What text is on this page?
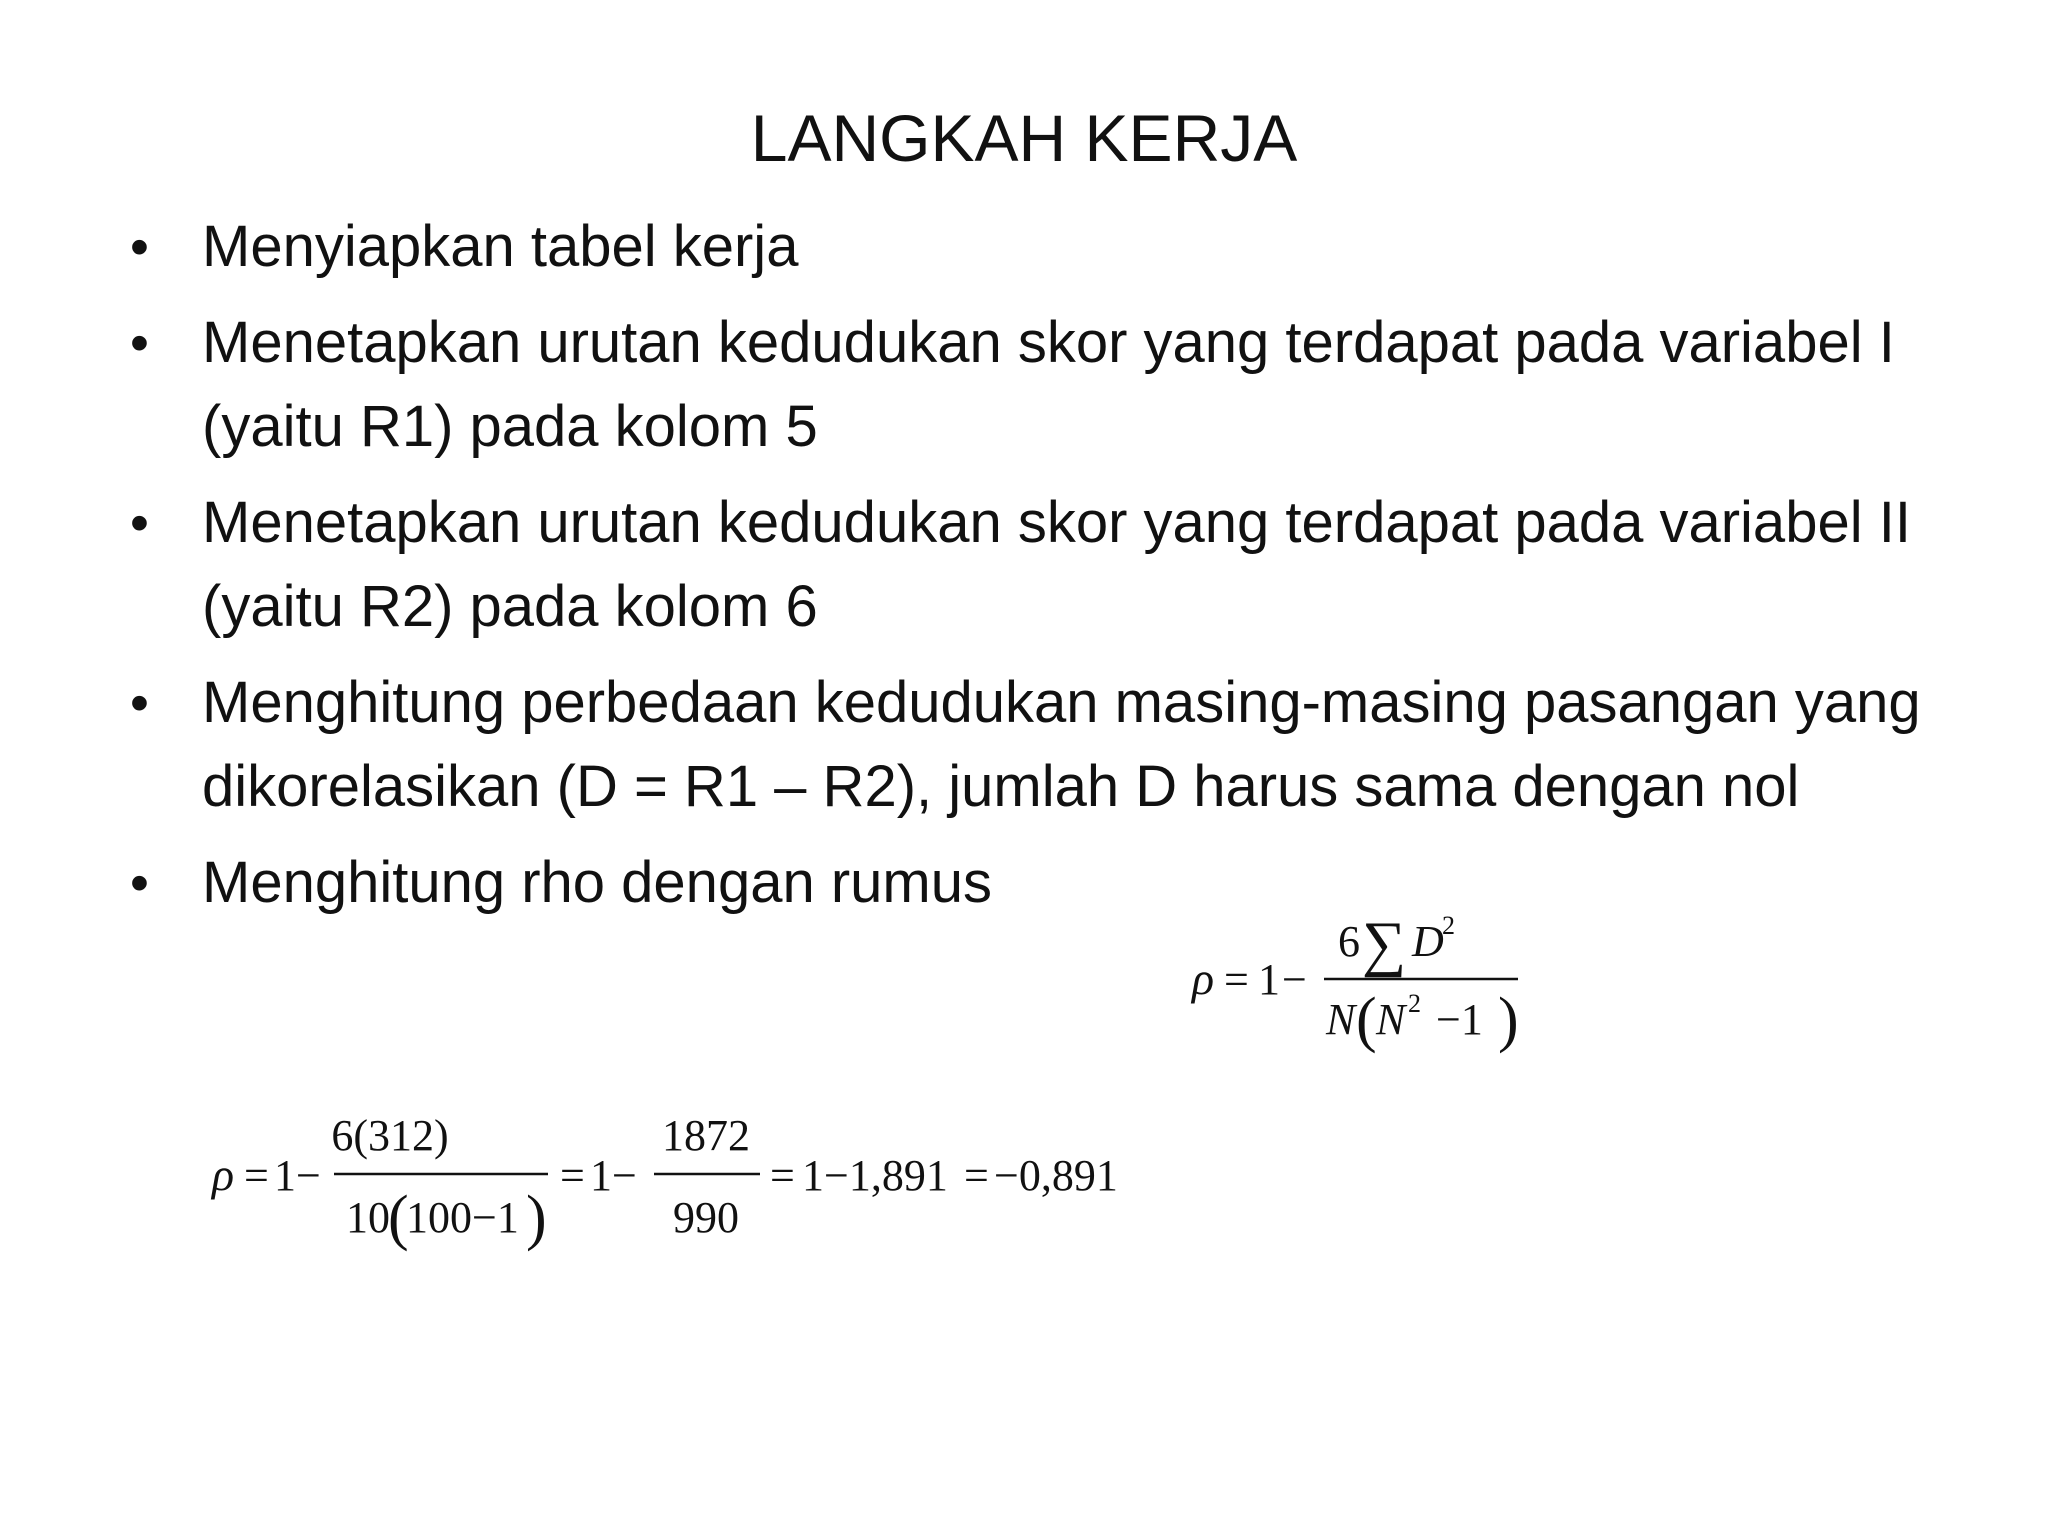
LANGKAH KERJA
• Menyiapkan tabel kerja
• Menetapkan urutan kedudukan skor yang terdapat pada variabel I (yaitu R1) pada kolom 5
• Menetapkan urutan kedudukan skor yang terdapat pada variabel II (yaitu R2) pada kolom 6
• Menghitung perbedaan kedudukan masing-masing pasangan yang dikorelasikan (D = R1 – R2), jumlah D harus sama dengan nol
• Menghitung rho dengan rumus
ρ = 1 −
6 ∑ D
2
N ( N 2 −1 )
ρ = 1−
6(312)
10
(
100−1 )
= 1−
1872
990
= 1−1,891 = −0,891
